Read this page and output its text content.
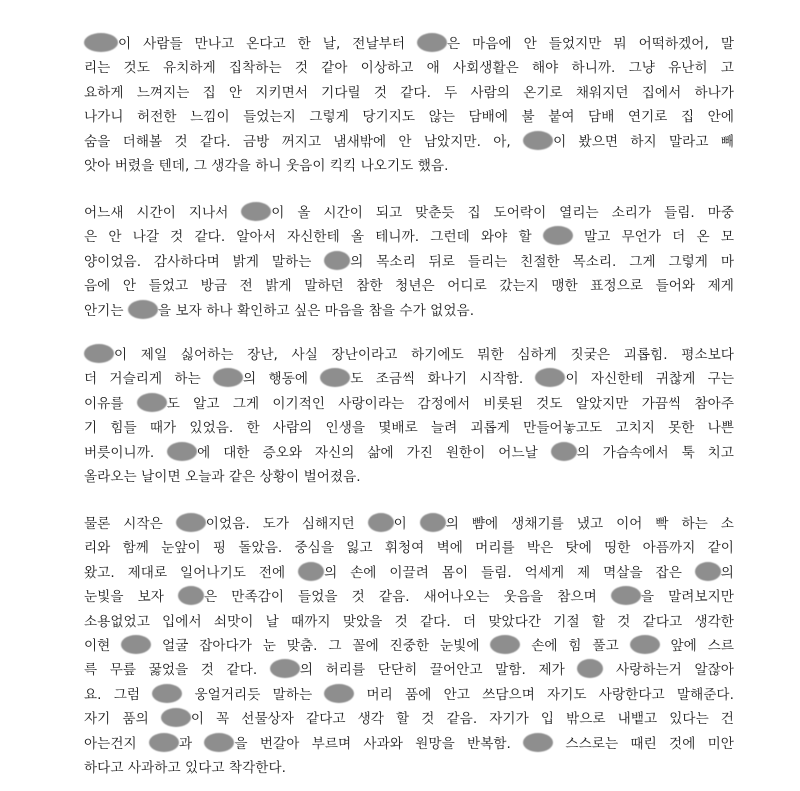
이 사람들 만나고 온다고 한 날, 전날부터 은 마음에 안 들었지만 뭐 어떡하겠어, 말
리는 것도 유치하게 집착하는 것 같아 이상하고 애 사회생활은 해야 하니까. 그냥 유난히 고
요하게 느껴지는 집 안 지키면서 기다릴 것 같다. 두 사람의 온기로 채워지던 집에서 하나가
나가니 허전한 느낌이 들었는지 그렇게 당기지도 않는 담배에 불 붙여 담배 연기로 집 안에
숨을 더해볼 것 같다. 금방 꺼지고 냄새밖에 안 남았지만. 아, 이 봤으면 하지 말라고 빼
앗아 버렸을 텐데, 그 생각을 하니 웃음이 킥킥 나오기도 했음.
어느새 시간이 지나서 이 올 시간이 되고 맞춘듯 집 도어락이 열리는 소리가 들림. 마중
은 안 나갈 것 같다. 알아서 자신한테 올 테니까. 그런데 와야 할  말고 무언가 더 온 모
양이었음. 감사하다며 밝게 말하는 의 목소리 뒤로 들리는 친절한 목소리. 그게 그렇게 마
음에 안 들었고 방금 전 밝게 말하던 참한 청년은 어디로 갔는지 맹한 표정으로 들어와 제게
안기는 을 보자 하나 확인하고 싶은 마음을 참을 수가 없었음.
이 제일 싫어하는 장난, 사실 장난이라고 하기에도 뭐한 심하게 짓궂은 괴롭힘. 평소보다
더 거슬리게 하는 의 행동에 도 조금씩 화나기 시작함. 이 자신한테 귀찮게 구는
이유를 도 알고 그게 이기적인 사랑이라는 감정에서 비롯된 것도 알았지만 가끔씩 참아주
기 힘들 때가 있었음. 한 사람의 인생을 몇배로 늘려 괴롭게 만들어놓고도 고치지 못한 나쁜
버릇이니까. 에 대한 증오와 자신의 삶에 가진 원한이 어느날 의 가슴속에서 툭 치고
올라오는 날이면 오늘과 같은 상황이 벌어졌음.
물론 시작은 이었음. 도가 심해지던 이 의 뺨에 생채기를 냈고 이어 빡 하는 소
리와 함께 눈앞이 핑 돌았음. 중심을 잃고 휘청여 벽에 머리를 박은 탓에 띵한 아픔까지 같이
왔고. 제대로 일어나기도 전에 의 손에 이끌려 몸이 들림. 억세게 제 멱살을 잡은 의
눈빛을 보자 은 만족감이 들었을 것 같음. 새어나오는 웃음을 참으며 을 말려보지만
소용없었고 입에서 쇠맛이 날 때까지 맞았을 것 같다. 더 맞았다간 기절 할 것 같다고 생각한
이현  얼굴 잡아다가 눈 맞춤. 그 꼴에 진중한 눈빛에  손에 힘 풀고  앞에 스르
륵 무릎 꿇었을 것 같다. 의 허리를 단단히 끌어안고 말함. 제가  사랑하는거 알잖아
요. 그럼  웅얼거리듯 말하는  머리 품에 안고 쓰담으며 자기도 사랑한다고 말해준다.
자기 품의 이 꼭 선물상자 같다고 생각 할 것 같음. 자기가 입 밖으로 내뱉고 있다는 건
아는건지 과 을 번갈아 부르며 사과와 원망을 반복함.  스스로는 때린 것에 미안
하다고 사과하고 있다고 착각한다.
